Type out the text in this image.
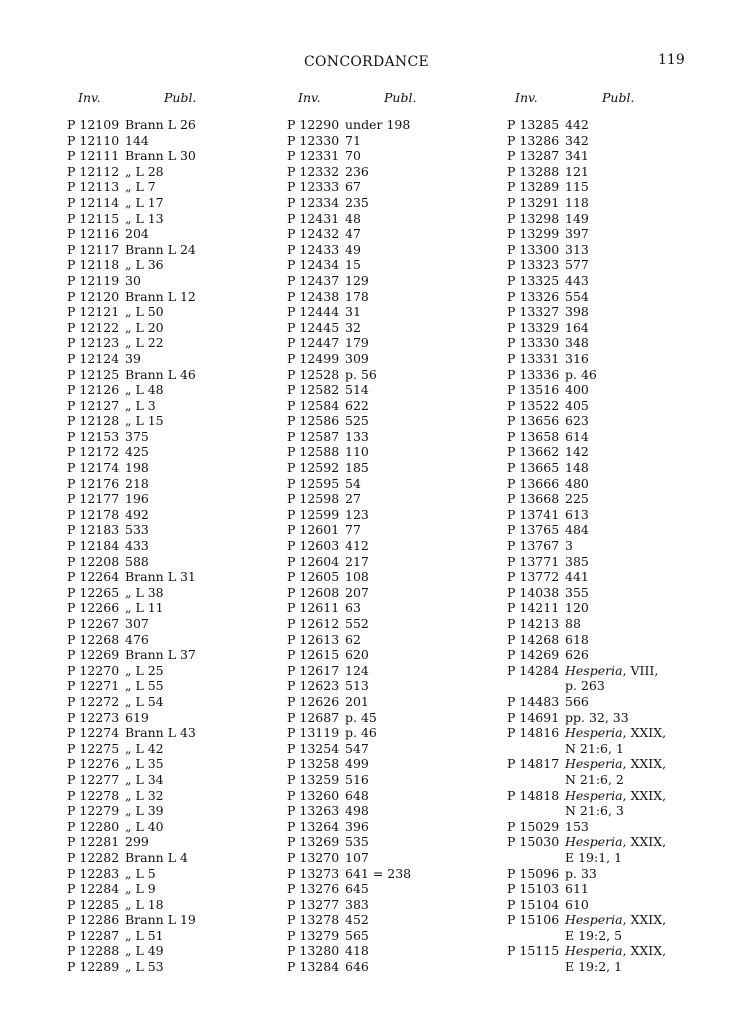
CONCORDANCE	119
Inv.	Publ.	Inv.	Publ.	Inv.	Publ.
P 12109 Brann L 26
P 12110 144
P 12111 Brann L 30
P 12112 „ L 28
P 12113 „ L 7
P 12114 „ L 17
P 12115 „ L 13
P 12116 204
P 12117 Brann L 24
P 12118 „ L 36
P 12119 30
P 12120 Brann L 12
P 12121 „ L 50
P 12122 „ L 20
P 12123 „ L 22
P 12124 39
P 12125 Brann L 46
P 12126 „ L 48
P 12127 „ L 3
P 12128 „ L 15
P 12153 375
P 12172 425
P 12174 198
P 12176 218
P 12177 196
P 12178 492
P 12183 533
P 12184 433
P 12208 588
P 12264 Brann L 31
P 12265 „ L 38
P 12266 „ L 11
P 12267 307
P 12268 476
P 12269 Brann L 37
P 12270 „ L 25
P 12271 „ L 55
P 12272 „ L 54
P 12273 619
P 12274 Brann L 43
P 12275 „ L 42
P 12276 „ L 35
P 12277 „ L 34
P 12278 „ L 32
P 12279 „ L 39
P 12280 „ L 40
P 12281 299
P 12282 Brann L 4
P 12283 „ L 5
P 12284 „ L 9
P 12285 „ L 18
P 12286 Brann L 19
P 12287 „ L 51
P 12288 „ L 49
P 12289 „ L 53
P 12290 under 198
P 12330 71
P 12331 70
P 12332 236
P 12333 67
P 12334 235
P 12431 48
P 12432 47
P 12433 49
P 12434 15
P 12437 129
P 12438 178
P 12444 31
P 12445 32
P 12447 179
P 12499 309
P 12528 p. 56
P 12582 514
P 12584 622
P 12586 525
P 12587 133
P 12588 110
P 12592 185
P 12595 54
P 12598 27
P 12599 123
P 12601 77
P 12603 412
P 12604 217
P 12605 108
P 12608 207
P 12611 63
P 12612 552
P 12613 62
P 12615 620
P 12617 124
P 12623 513
P 12626 201
P 12687 p. 45
P 13119 p. 46
P 13254 547
P 13258 499
P 13259 516
P 13260 648
P 13263 498
P 13264 396
P 13269 535
P 13270 107
P 13273 641 = 238
P 13276 645
P 13277 383
P 13278 452
P 13279 565
P 13280 418
P 13284 646
P 13285 442
P 13286 342
P 13287 341
P 13288 121
P 13289 115
P 13291 118
P 13298 149
P 13299 397
P 13300 313
P 13323 577
P 13325 443
P 13326 554
P 13327 398
P 13329 164
P 13330 348
P 13331 316
P 13336 p. 46
P 13516 400
P 13522 405
P 13656 623
P 13658 614
P 13662 142
P 13665 148
P 13666 480
P 13668 225
P 13741 613
P 13765 484
P 13767 3
P 13771 385
P 13772 441
P 14038 355
P 14211 120
P 14213 88
P 14268 618
P 14269 626
P 14284 Hesperia, VIII,
p. 263
P 14483 566
P 14691 pp. 32, 33
P 14816 Hesperia, XXIX,
N 21:6, 1
P 14817 Hesperia, XXIX,
N 21:6, 2
P 14818 Hesperia, XXIX,
N 21:6, 3
P 15029 153
P 15030 Hesperia, XXIX,
E 19:1, 1
P 15096 p. 33
P 15103 611
P 15104 610
P 15106 Hesperia, XXIX,
E 19:2, 5
P 15115 Hesperia, XXIX,
E 19:2, 1
